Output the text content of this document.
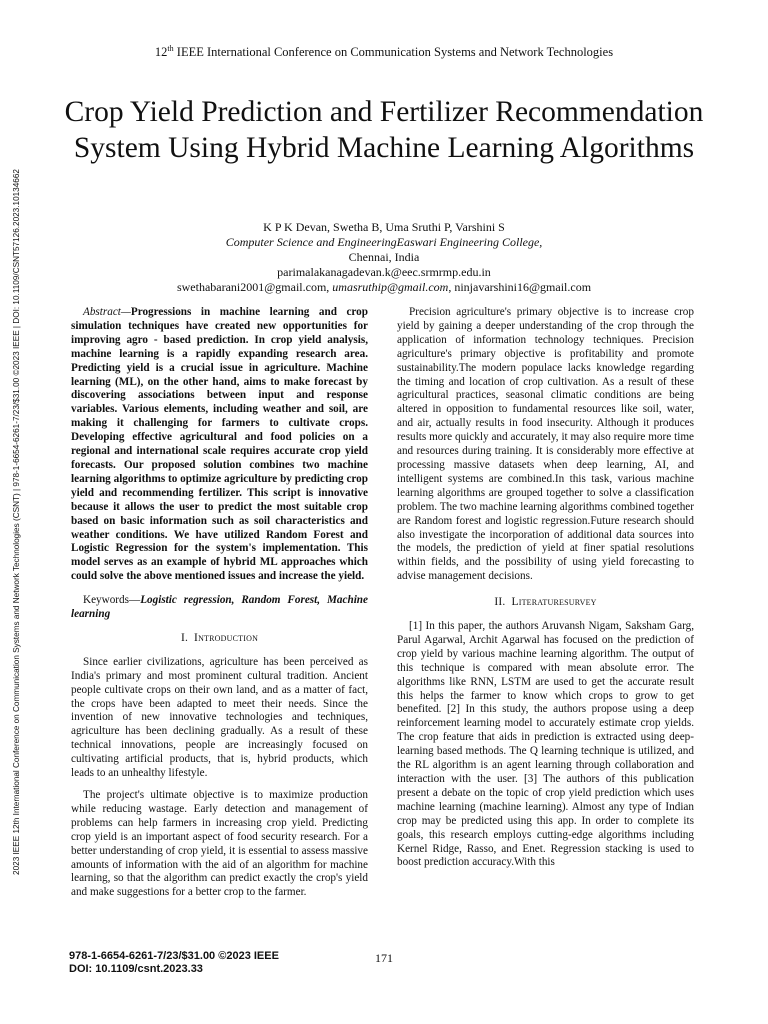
12th IEEE International Conference on Communication Systems and Network Technologies
2023 IEEE 12th International Conference on Communication Systems and Network Technologies (CSNT) | 978-1-6654-6261-7/23/$31.00 ©2023 IEEE | DOI: 10.1109/CSNT57126.2023.10134662
Crop Yield Prediction and Fertilizer Recommendation System Using Hybrid Machine Learning Algorithms
K P K Devan, Swetha B, Uma Sruthi P, Varshini S
Computer Science and EngineeringEaswari Engineering College,
Chennai, India
parimalakanagadevan.k@eec.srmrmp.edu.in
swethabarani2001@gmail.com, umasruthip@gmail.com, ninjavarshini16@gmail.com

Abstract—Progressions in machine learning and crop simulation techniques have created new opportunities for improving agro - based prediction. In crop yield analysis, machine learning is a rapidly expanding research area. Predicting yield is a crucial issue in agriculture. Machine learning (ML), on the other hand, aims to make forecast by discovering associations between input and response variables. Various elements, including weather and soil, are making it challenging for farmers to cultivate crops. Developing effective agricultural and food policies on a regional and international scale requires accurate crop yield forecasts. Our proposed solution combines two machine learning algorithms to optimize agriculture by predicting crop yield and recommending fertilizer. This script is innovative because it allows the user to predict the most suitable crop based on basic information such as soil characteristics and weather conditions. We have utilized Random Forest and Logistic Regression for the system's implementation. This model serves as an example of hybrid ML approaches which could solve the above mentioned issues and increase the yield.

Keywords—Logistic regression, Random Forest, Machine learning

I. Introduction

Since earlier civilizations, agriculture has been perceived as India's primary and most prominent cultural tradition. Ancient people cultivate crops on their own land, and as a matter of fact, the crops have been adapted to meet their needs. Since the invention of new innovative technologies and techniques, agriculture has been declining gradually. As a result of these technical innovations, people are increasingly focused on cultivating artificial products, that is, hybrid products, which leads to an unhealthy lifestyle.

The project's ultimate objective is to maximize production while reducing wastage. Early detection and management of problems can help farmers in increasing crop yield. Predicting crop yield is an important aspect of food security research. For a better understanding of crop yield, it is essential to assess massive amounts of information with the aid of an algorithm for machine learning, so that the algorithm can predict exactly the crop's yield and make suggestions for a better crop to the farmer.

Precision agriculture's primary objective is to increase crop yield by gaining a deeper understanding of the crop through the application of information technology techniques. Precision agriculture's primary objective is profitability and promote sustainability.The modern populace lacks knowledge regarding the timing and location of crop cultivation. As a result of these agricultural practices, seasonal climatic conditions are being altered in opposition to fundamental resources like soil, water, and air, actually results in food insecurity. Although it produces results more quickly and accurately, it may also require more time and resources during training. It is considerably more effective at processing massive datasets when deep learning, AI, and intelligent systems are combined.In this task, various machine learning algorithms are grouped together to solve a classification problem. The two machine learning algorithms combined together are Random forest and logistic regression.Future research should also investigate the incorporation of additional data sources into the models, the prediction of yield at finer spatial resolutions within fields, and the possibility of using yield forecasting to advise management decisions.

II. Literaturesurvey

[1] In this paper, the authors Aruvansh Nigam, Saksham Garg, Parul Agarwal, Archit Agarwal has focused on the prediction of crop yield by various machine learning algorithm. The output of this technique is compared with mean absolute error. The algorithms like RNN, LSTM are used to get the accurate result this helps the farmer to know which crops to grow to get benefited. [2] In this study, the authors propose using a deep reinforcement learning model to accurately estimate crop yields. The crop feature that aids in prediction is extracted using deep-learning based methods. The Q learning technique is utilized, and the RL algorithm is an agent learning through collaboration and interaction with the user. [3] The authors of this publication present a debate on the topic of crop yield prediction which uses machine learning (machine learning). Almost any type of Indian crop may be predicted using this app. In order to complete its goals, this research employs cutting-edge algorithms including Kernel Ridge, Rasso, and Enet. Regression stacking is used to boost prediction accuracy.With this

978-1-6654-6261-7/23/$31.00 ©2023 IEEE
DOI: 10.1109/csnt.2023.33
171
